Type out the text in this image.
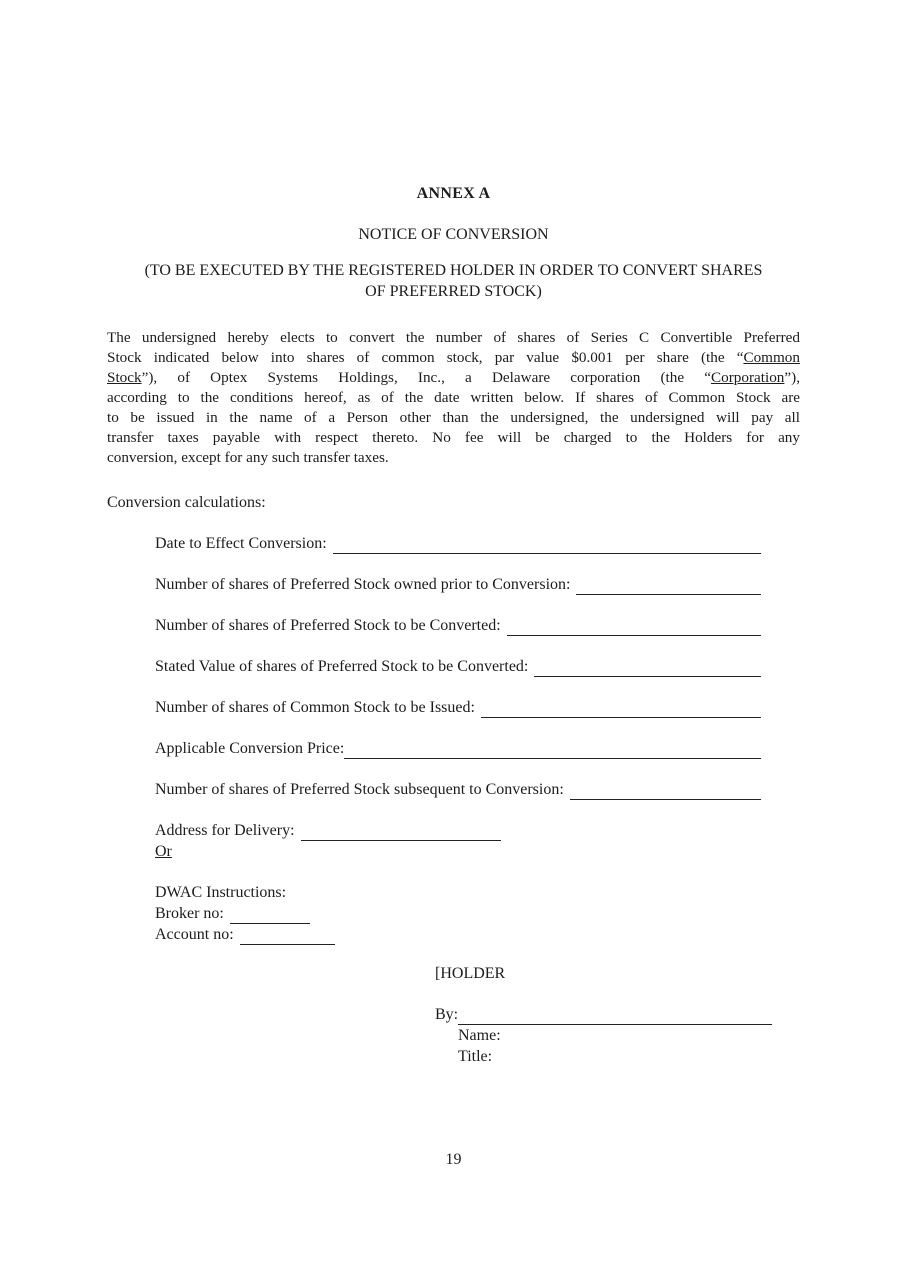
ANNEX A
NOTICE OF CONVERSION
(TO BE EXECUTED BY THE REGISTERED HOLDER IN ORDER TO CONVERT SHARES
OF PREFERRED STOCK)
The undersigned hereby elects to convert the number of shares of Series C Convertible Preferred
Stock indicated below into shares of common stock, par value $0.001 per share (the “Common
Stock”), of Optex Systems Holdings, Inc., a Delaware corporation (the “Corporation”),
according to the conditions hereof, as of the date written below. If shares of Common Stock are
to be issued in the name of a Person other than the undersigned, the undersigned will pay all
transfer taxes payable with respect thereto. No fee will be charged to the Holders for any
conversion, except for any such transfer taxes.
Conversion calculations:
Date to Effect Conversion:
Number of shares of Preferred Stock owned prior to Conversion:
Number of shares of Preferred Stock to be Converted:
Stated Value of shares of Preferred Stock to be Converted:
Number of shares of Common Stock to be Issued:
Applicable Conversion Price:
Number of shares of Preferred Stock subsequent to Conversion:
Address for Delivery:
Or
DWAC Instructions:
Broker no:
Account no:
[HOLDER
By:
Name:
Title:
19
